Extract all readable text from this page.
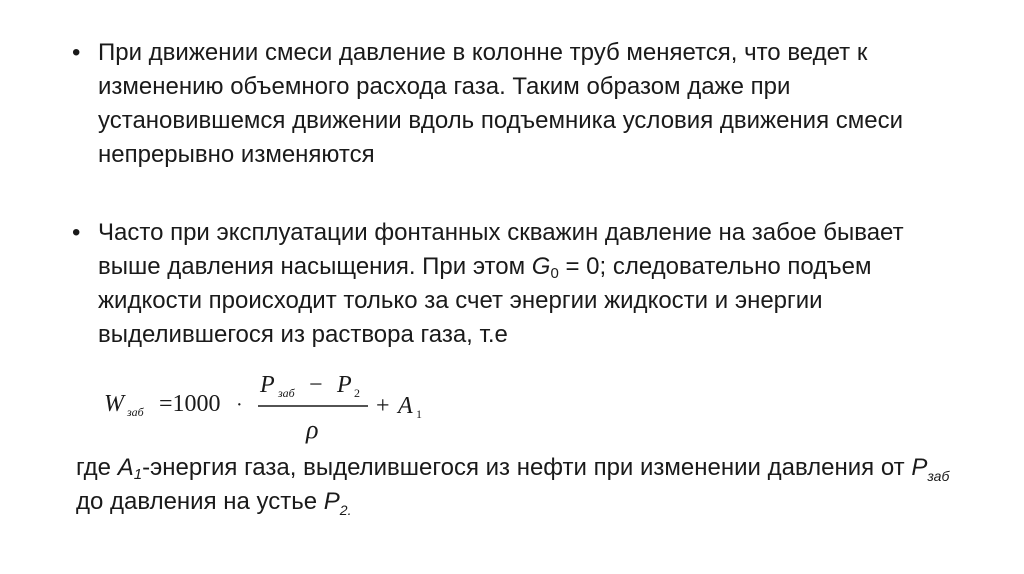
• При движении смеси давление в колонне труб меняется, что ведет к изменению объемного расхода газа. Таким образом даже при установившемся движении вдоль подъемника условия движения смеси непрерывно изменяются
• Часто при эксплуатации фонтанных скважин давление на забое бывает выше давления насыщения. При этом $G_0 = 0$; следовательно подъем жидкости происходит только за счет энергии жидкости и энергии выделившегося из раствора газа, т.е
W заб =1000 ·
P заб − P 2
ρ
+ A 1
где $A_1$-энергия газа, выделившегося из нефти при изменении давления от $P_{заб}$ до давления на устье $P_{2.}$
